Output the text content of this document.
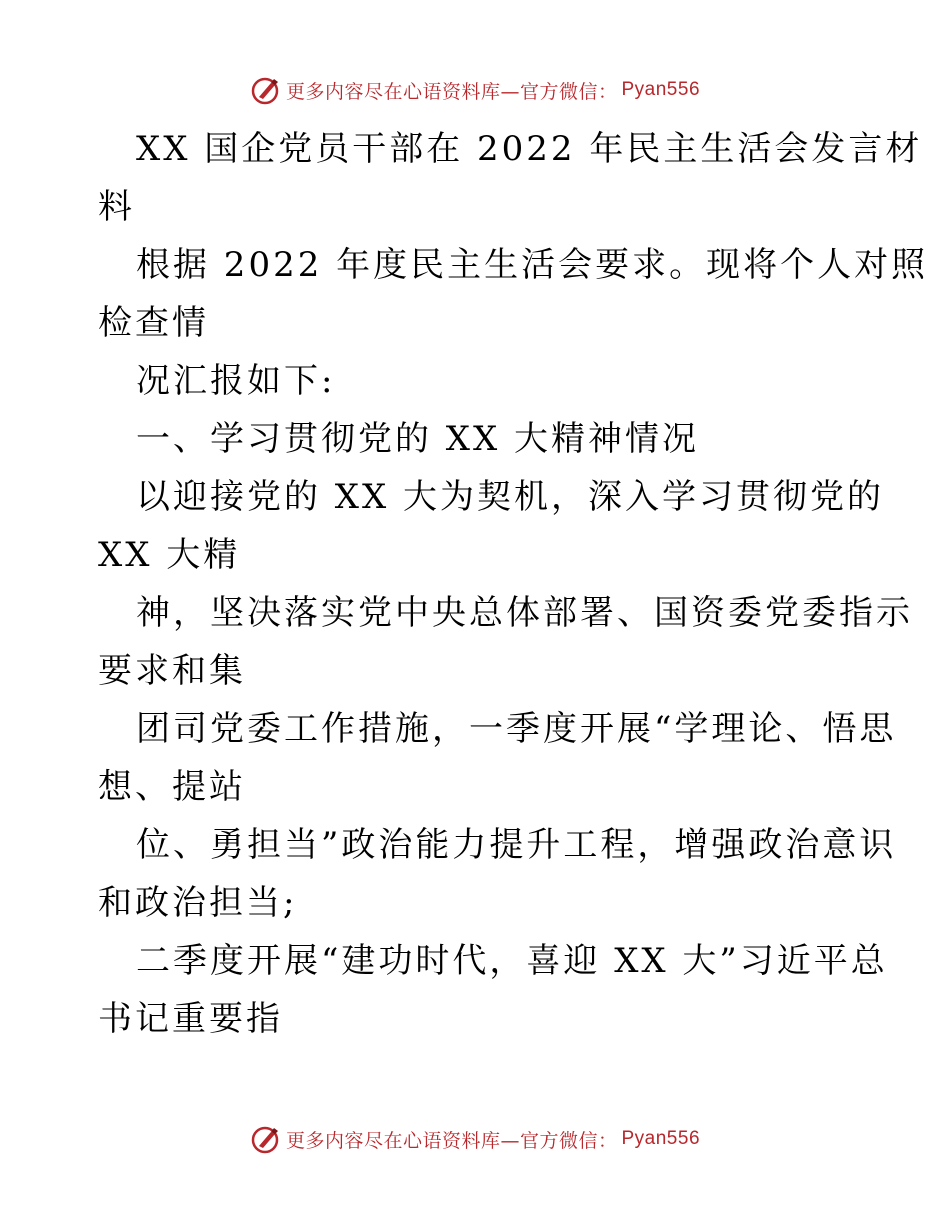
更多内容尽在心语资料库—官方微信： Pyan556
XX 国企党员干部在 2022 年民主生活会发言材
料
根据 2022 年度民主生活会要求。现将个人对照
检查情
况汇报如下:
一、学习贯彻党的 XX 大精神情况
以迎接党的 XX 大为契机，深入学习贯彻党的
XX 大精
神，坚决落实党中央总体部署、国资委党委指示
要求和集
团司党委工作措施，一季度开展“学理论、悟思
想、提站
位、勇担当”政治能力提升工程，增强政治意识
和政治担当;
二季度开展“建功时代，喜迎 XX 大”习近平总
书记重要指
更多内容尽在心语资料库—官方微信： Pyan556
